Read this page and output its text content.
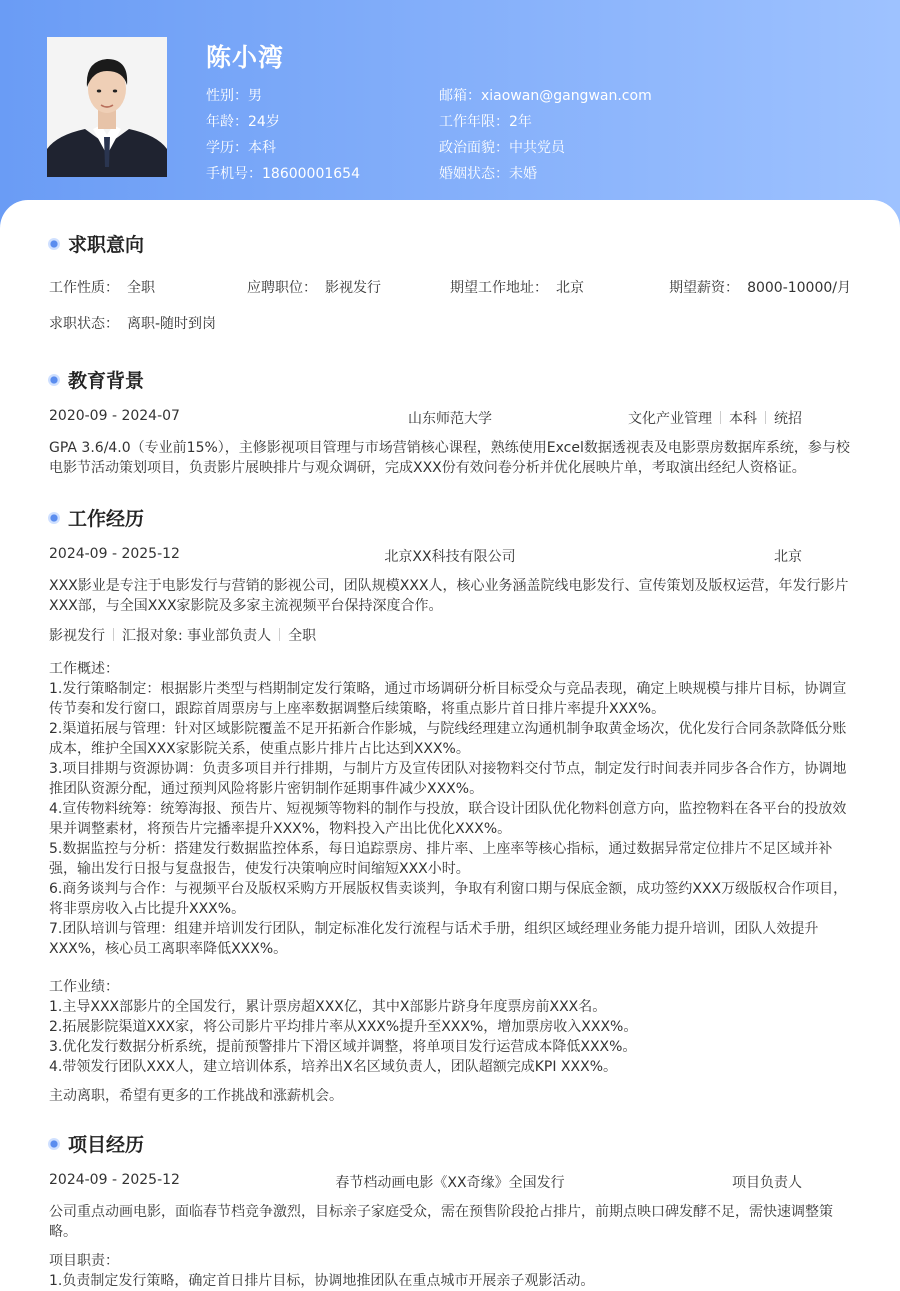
陈小湾
性别：男	邮箱：xiaowan@gangwan.com
年龄：24岁	工作年限：2年
学历：本科	政治面貌：中共党员
手机号：18600001654	婚姻状态：未婚
求职意向
工作性质： 全职	应聘职位： 影视发行	期望工作地址： 北京	期望薪资： 8000-10000/月
求职状态： 离职-随时到岗
教育背景
2020-09 - 2024-07	山东师范大学	文化产业管理 本科 统招
GPA 3.6/4.0（专业前15%），主修影视项目管理与市场营销核心课程，熟练使用Excel数据透视表及电影票房数据库系统，参与校
电影节活动策划项目，负责影片展映排片与观众调研，完成XXX份有效问卷分析并优化展映片单，考取演出经纪人资格证。
工作经历
2024-09 - 2025-12	北京XX科技有限公司	北京
XXX影业是专注于电影发行与营销的影视公司，团队规模XXX人，核心业务涵盖院线电影发行、宣传策划及版权运营，年发行影片
XXX部，与全国XXX家影院及多家主流视频平台保持深度合作。
影视发行 汇报对象: 事业部负责人 全职
工作概述：
1.发行策略制定：根据影片类型与档期制定发行策略，通过市场调研分析目标受众与竞品表现，确定上映规模与排片目标，协调宣
传节奏和发行窗口，跟踪首周票房与上座率数据调整后续策略，将重点影片首日排片率提升XXX%。
2.渠道拓展与管理：针对区域影院覆盖不足开拓新合作影城，与院线经理建立沟通机制争取黄金场次，优化发行合同条款降低分账
成本，维护全国XXX家影院关系，使重点影片排片占比达到XXX%。
3.项目排期与资源协调：负责多项目并行排期，与制片方及宣传团队对接物料交付节点，制定发行时间表并同步各合作方，协调地
推团队资源分配，通过预判风险将影片密钥制作延期事件减少XXX%。
4.宣传物料统筹：统筹海报、预告片、短视频等物料的制作与投放，联合设计团队优化物料创意方向，监控物料在各平台的投放效
果并调整素材，将预告片完播率提升XXX%，物料投入产出比优化XXX%。
5.数据监控与分析：搭建发行数据监控体系，每日追踪票房、排片率、上座率等核心指标，通过数据异常定位排片不足区域并补
强，输出发行日报与复盘报告，使发行决策响应时间缩短XXX小时。
6.商务谈判与合作：与视频平台及版权采购方开展版权售卖谈判，争取有利窗口期与保底金额，成功签约XXX万级版权合作项目，
将非票房收入占比提升XXX%。
7.团队培训与管理：组建并培训发行团队，制定标准化发行流程与话术手册，组织区域经理业务能力提升培训，团队人效提升
XXX%，核心员工离职率降低XXX%。
工作业绩：
1.主导XXX部影片的全国发行，累计票房超XXX亿，其中X部影片跻身年度票房前XXX名。
2.拓展影院渠道XXX家，将公司影片平均排片率从XXX%提升至XXX%，增加票房收入XXX%。
3.优化发行数据分析系统，提前预警排片下滑区域并调整，将单项目发行运营成本降低XXX%。
4.带领发行团队XXX人，建立培训体系，培养出X名区域负责人，团队超额完成KPI XXX%。
主动离职，希望有更多的工作挑战和涨薪机会。
项目经历
2024-09 - 2025-12	春节档动画电影《XX奇缘》全国发行	项目负责人
公司重点动画电影，面临春节档竞争激烈，目标亲子家庭受众，需在预售阶段抢占排片，前期点映口碑发酵不足，需快速调整策
略。
项目职责：
1.负责制定发行策略，确定首日排片目标，协调地推团队在重点城市开展亲子观影活动。
